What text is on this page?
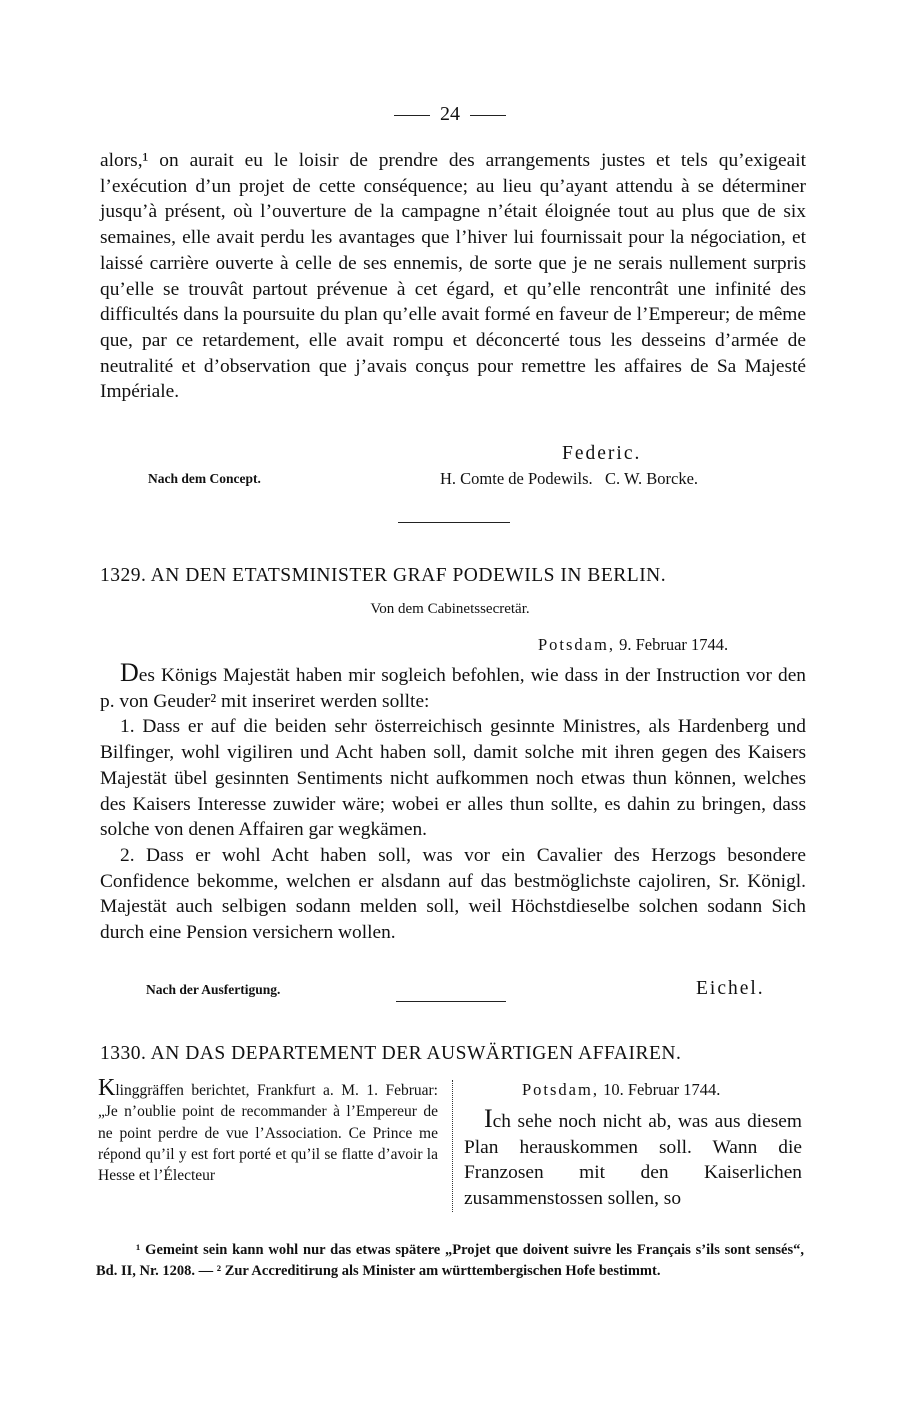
24

alors,¹ on aurait eu le loisir de prendre des arrangements justes et tels qu’exigeait l’exécution d’un projet de cette conséquence; au lieu qu’ayant attendu à se déterminer jusqu’à présent, où l’ouverture de la campagne n’était éloignée tout au plus que de six semaines, elle avait perdu les avantages que l’hiver lui fournissait pour la négociation, et laissé carrière ouverte à celle de ses ennemis, de sorte que je ne serais nullement surpris qu’elle se trouvât partout prévenue à cet égard, et qu’elle rencontrât une infinité des difficultés dans la poursuite du plan qu’elle avait formé en faveur de l’Empereur; de même que, par ce retardement, elle avait rompu et déconcerté tous les desseins d’armée de neutralité et d’observation que j’avais conçus pour remettre les affaires de Sa Majesté Impériale.

Federic.
Nach dem Concept.	H. Comte de Podewils.   C. W. Borcke.
1329. AN DEN ETATSMINISTER GRAF PODEWILS IN BERLIN.
Von dem Cabinetssecretär.
Potsdam, 9. Februar 1744.

Des Königs Majestät haben mir sogleich befohlen, wie dass in der Instruction vor den p. von Geuder² mit inseriret werden sollte:

1. Dass er auf die beiden sehr österreichisch gesinnte Ministres, als Hardenberg und Bilfinger, wohl vigiliren und Acht haben soll, damit solche mit ihren gegen des Kaisers Majestät übel gesinnten Sentiments nicht aufkommen noch etwas thun können, welches des Kaisers Interesse zuwider wäre; wobei er alles thun sollte, es dahin zu bringen, dass solche von denen Affairen gar wegkämen.

2. Dass er wohl Acht haben soll, was vor ein Cavalier des Herzogs besondere Confidence bekomme, welchen er alsdann auf das bestmöglichste cajoliren, Sr. Königl. Majestät auch selbigen sodann melden soll, weil Höchstdieselbe solchen sodann Sich durch eine Pension versichern wollen.

Nach der Ausfertigung.	Eichel.
1330. AN DAS DEPARTEMENT DER AUSWÄRTIGEN AFFAIREN.

Klinggräffen berichtet, Frankfurt a. M. 1. Februar: „Je n’oublie point de recommander à l’Empereur de ne point perdre de vue l’Association. Ce Prince me répond qu’il y est fort porté et qu’il se flatte d’avoir la Hesse et l’Électeur

Potsdam, 10. Februar 1744.

Ich sehe noch nicht ab, was aus diesem Plan herauskommen soll. Wann die Franzosen mit den Kaiserlichen zusammenstossen sollen, so

¹ Gemeint sein kann wohl nur das etwas spätere „Projet que doivent suivre les Français s’ils sont sensés“, Bd. II, Nr. 1208. — ² Zur Accreditirung als Minister am württembergischen Hofe bestimmt.
